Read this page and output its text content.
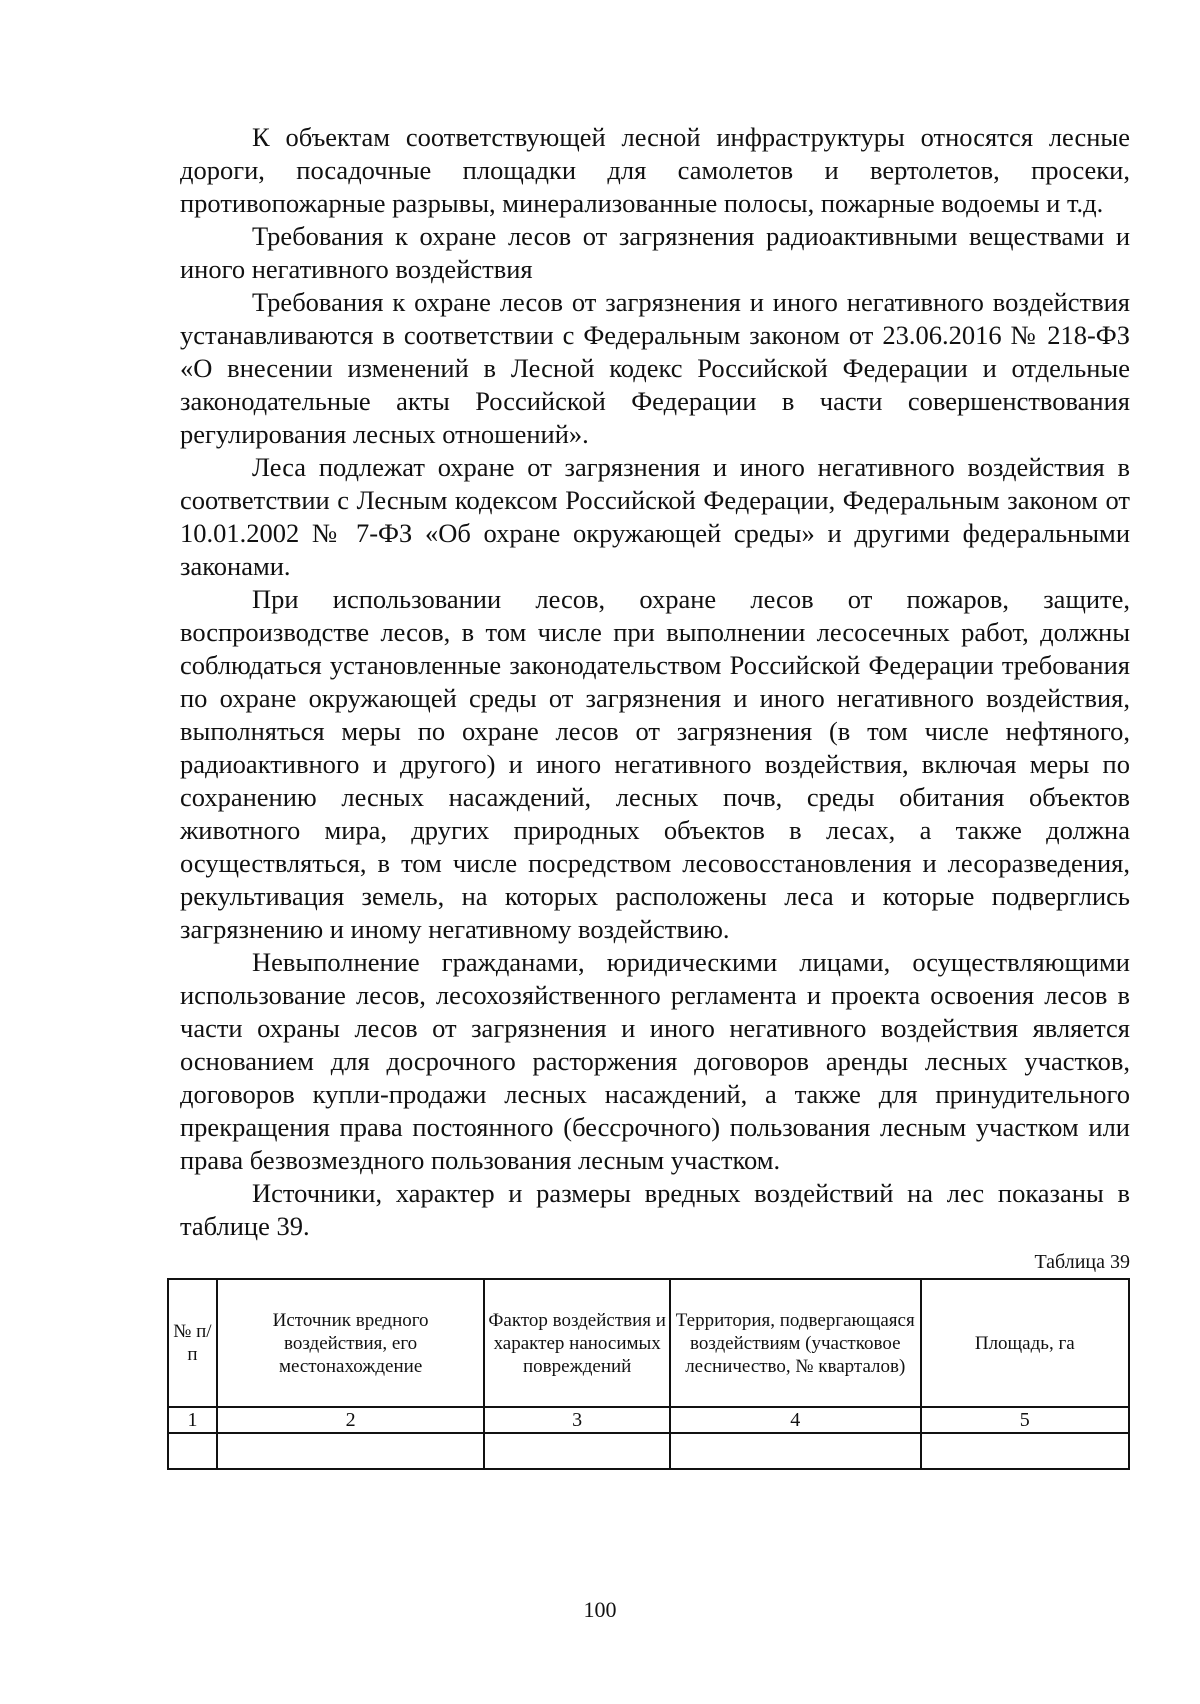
К объектам соответствующей лесной инфраструктуры относятся лесные дороги, посадочные площадки для самолетов и вертолетов, просеки, противопожарные разрывы, минерализованные полосы, пожарные водоемы и т.д.

Требования к охране лесов от загрязнения радиоактивными веществами и иного негативного воздействия

Требования к охране лесов от загрязнения и иного негативного воздействия устанавливаются в соответствии с Федеральным законом от 23.06.2016 № 218-ФЗ «О внесении изменений в Лесной кодекс Российской Федерации и отдельные законодательные акты Российской Федерации в части совершенствования регулирования лесных отношений».

Леса подлежат охране от загрязнения и иного негативного воздействия в соответствии с Лесным кодексом Российской Федерации, Федеральным законом от 10.01.2002 № 7-ФЗ «Об охране окружающей среды» и другими федеральными законами.

При использовании лесов, охране лесов от пожаров, защите, воспроизводстве лесов, в том числе при выполнении лесосечных работ, должны соблюдаться установленные законодательством Российской Федерации требования по охране окружающей среды от загрязнения и иного негативного воздействия, выполняться меры по охране лесов от загрязнения (в том числе нефтяного, радиоактивного и другого) и иного негативного воздействия, включая меры по сохранению лесных насаждений, лесных почв, среды обитания объектов животного мира, других природных объектов в лесах, а также должна осуществляться, в том числе посредством лесовосстановления и лесоразведения, рекультивация земель, на которых расположены леса и которые подверглись загрязнению и иному негативному воздействию.

Невыполнение гражданами, юридическими лицами, осуществляющими использование лесов, лесохозяйственного регламента и проекта освоения лесов в части охраны лесов от загрязнения и иного негативного воздействия является основанием для досрочного расторжения договоров аренды лесных участков, договоров купли-продажи лесных насаждений, а также для принудительного прекращения права постоянного (бессрочного) пользования лесным участком или права безвозмездного пользования лесным участком.

Источники, характер и размеры вредных воздействий на лес показаны в таблице 39.

Таблица 39
№ п/п	Источник вредного воздействия, его местонахождение	Фактор воздействия и характер наносимых повреждений	Территория, подвергающаяся воздействиям (участковое лесничество, № кварталов)	Площадь, га
1	2	3	4	5

100
